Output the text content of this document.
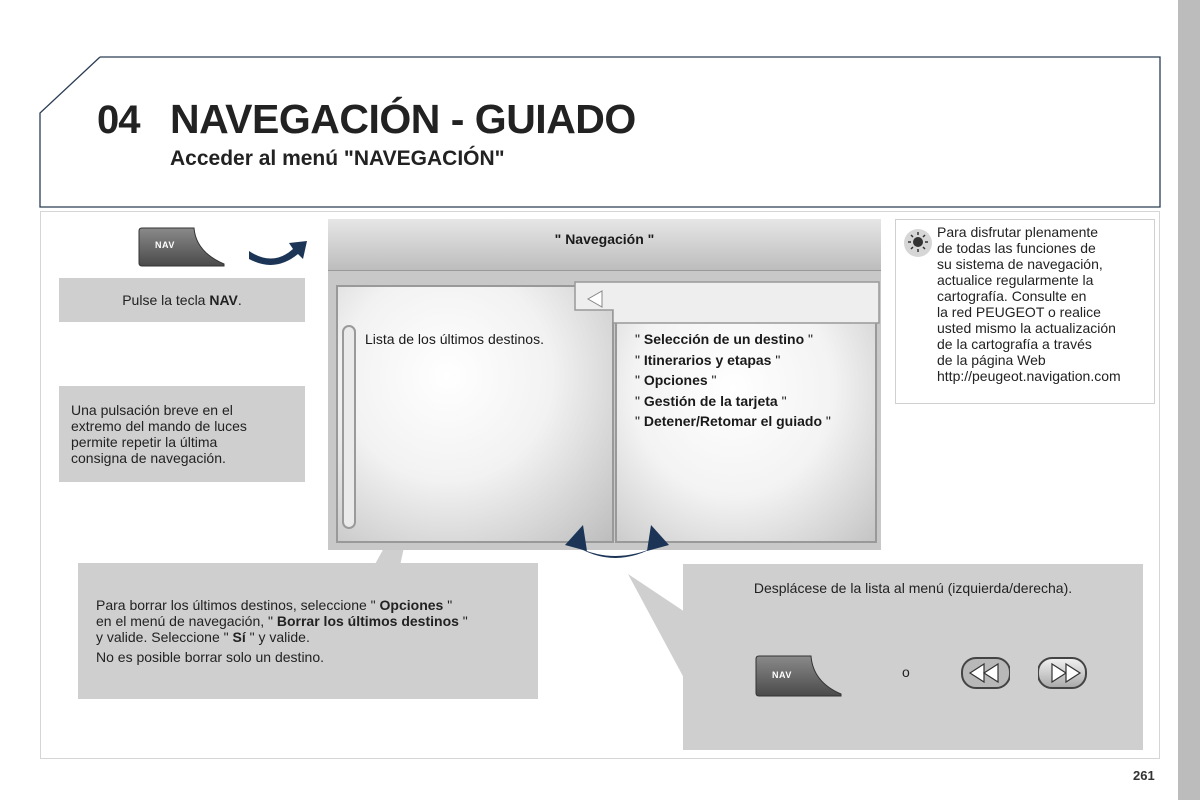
04 NAVEGACIÓN - GUIADO
Acceder al menú "NAVEGACIÓN"
NAV
Pulse la tecla NAV.
Una pulsación breve en el
extremo del mando de luces
permite repetir la última
consigna de navegación.
" Navegación "
Lista de los últimos destinos.	" Selección de un destino "
" Itinerarios y etapas "
" Opciones "
" Gestión de la tarjeta "
" Detener/Retomar el guiado "
Para disfrutar plenamente
de todas las funciones de
su sistema de navegación,
actualice regularmente la
cartografía. Consulte en
la red PEUGEOT o realice
usted mismo la actualización
de la cartografía a través
de la página Web
http://peugeot.navigation.com

Para borrar los últimos destinos, seleccione " Opciones "

en el menú de navegación, " Borrar los últimos destinos "

y valide. Seleccione " Sí " y valide.

No es posible borrar solo un destino.

Desplácese de la lista al menú (izquierda/derecha).
o
NAV
261
